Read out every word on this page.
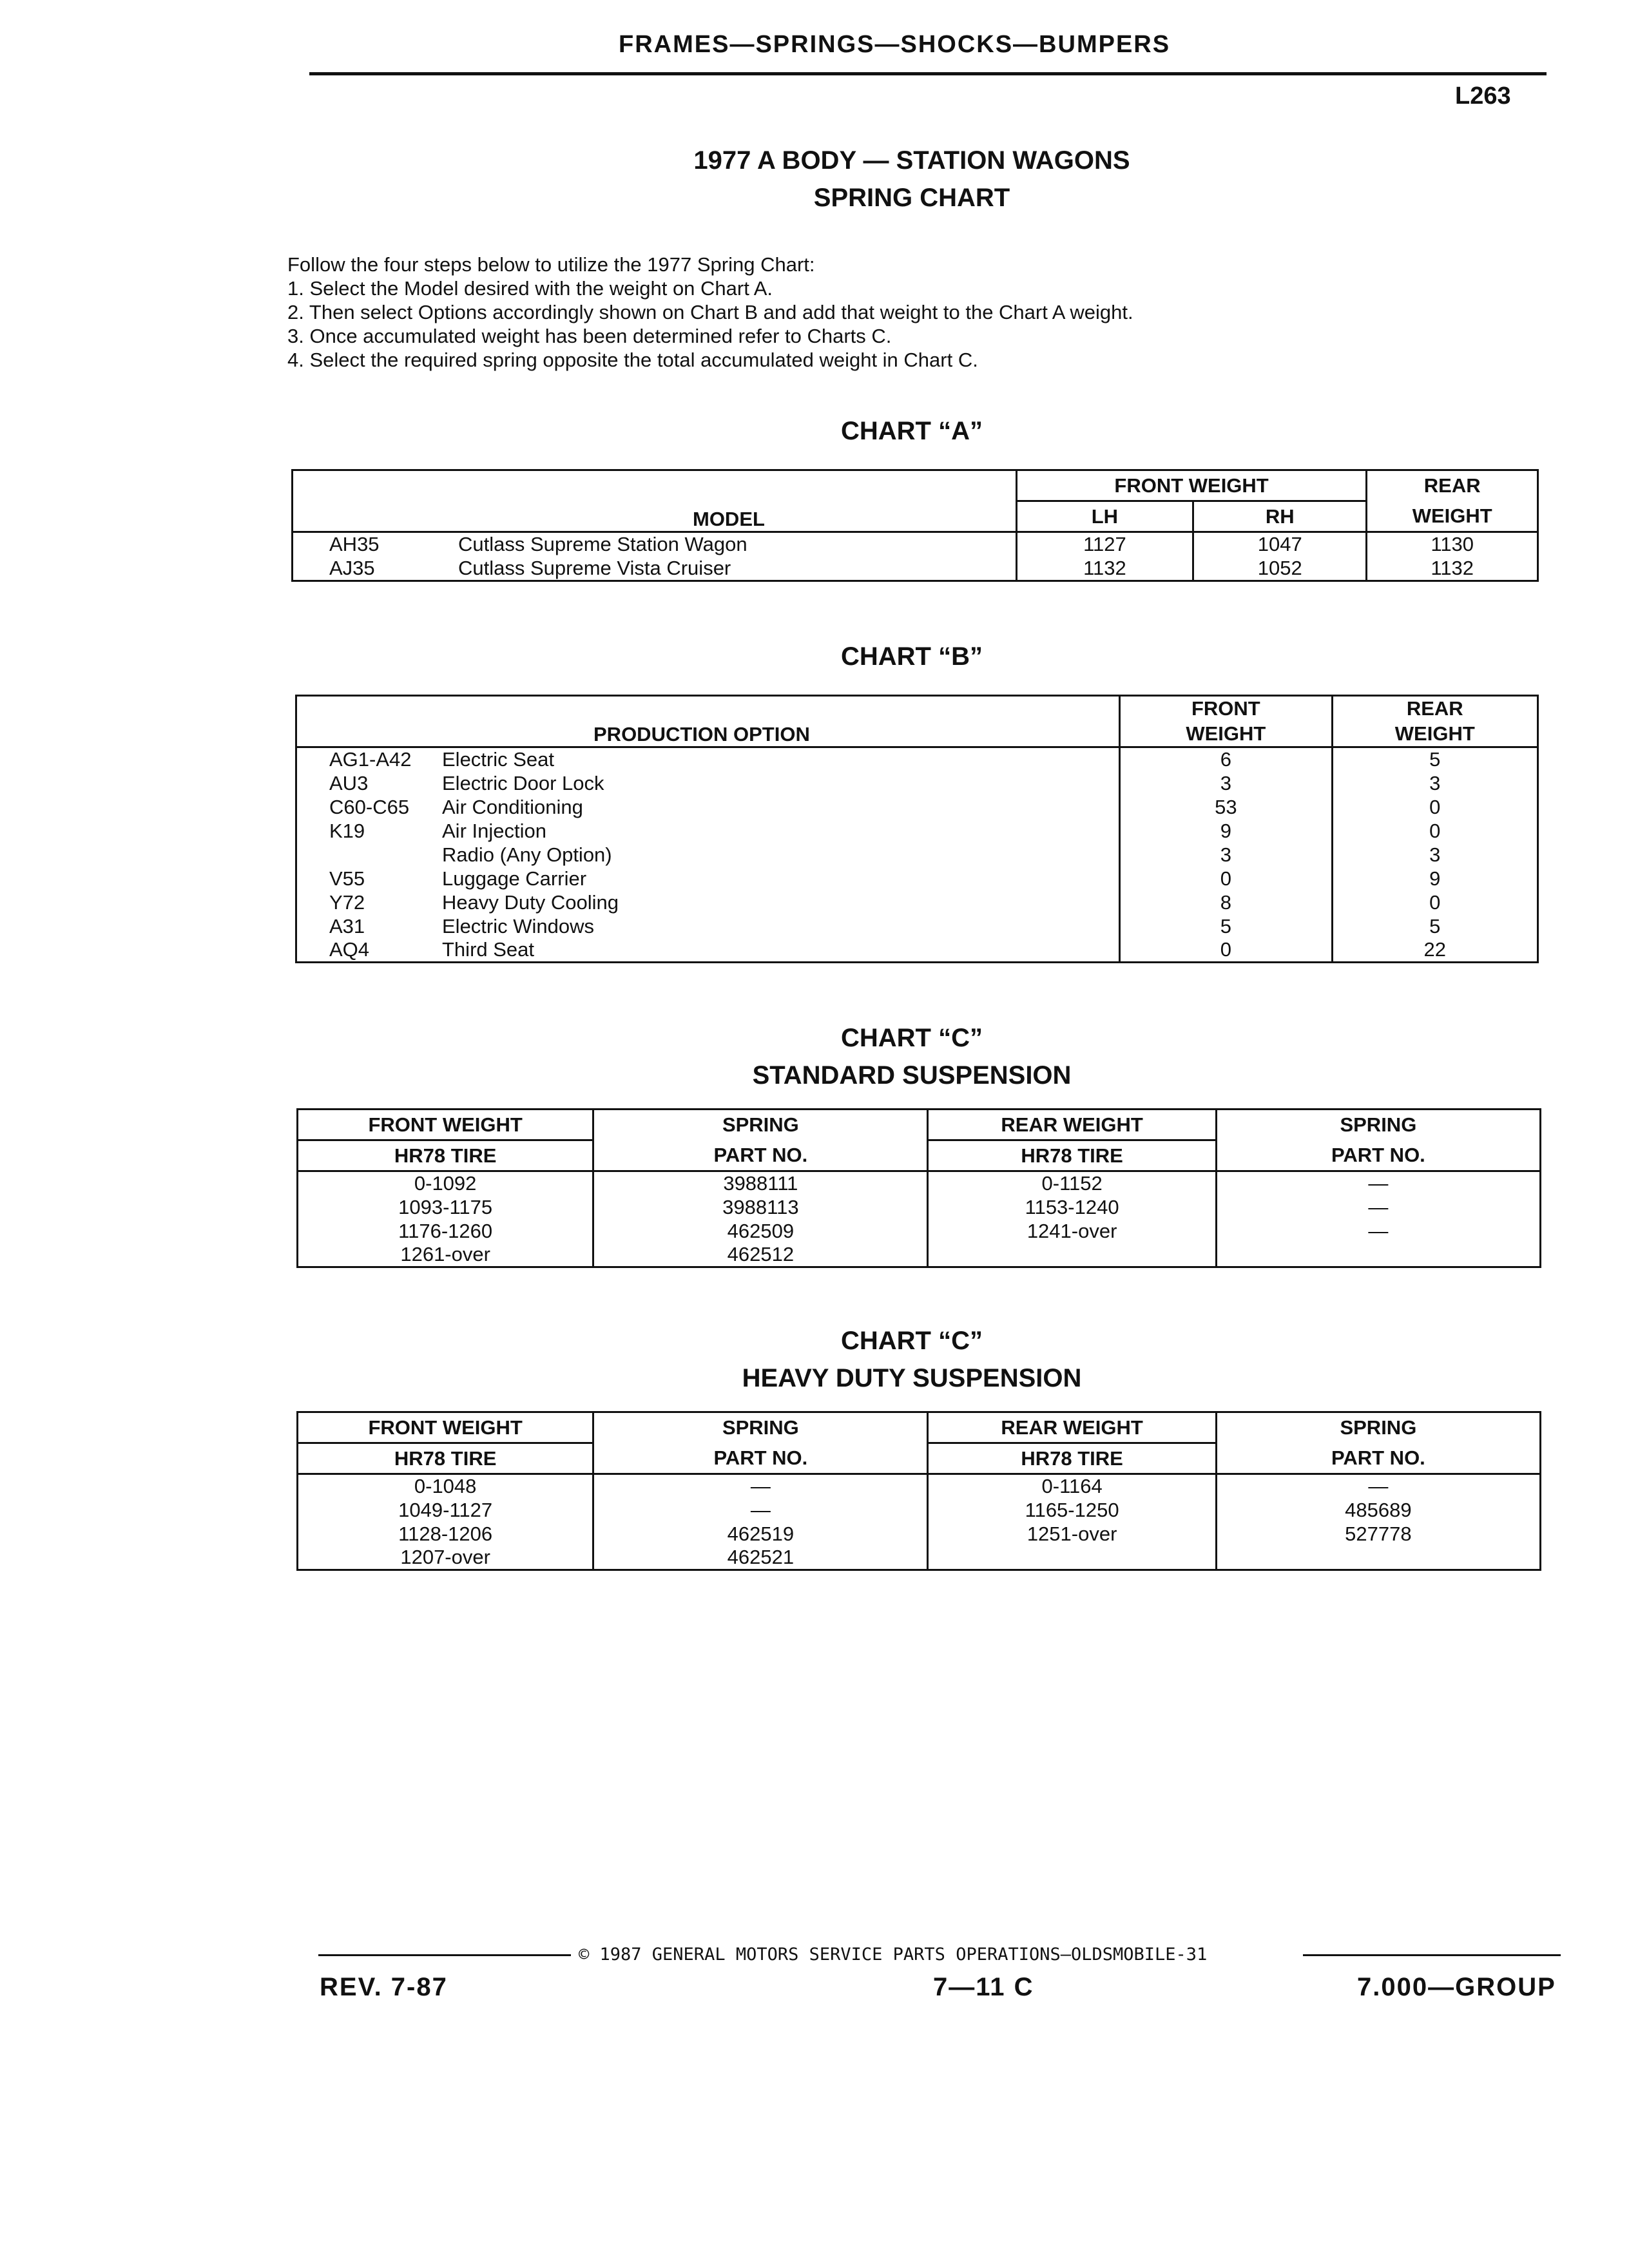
FRAMES—SPRINGS—SHOCKS—BUMPERS
L263
1977 A BODY — STATION WAGONS
SPRING CHART
Follow the four steps below to utilize the 1977 Spring Chart:
1. Select the Model desired with the weight on Chart A.
2. Then select Options accordingly shown on Chart B and add that weight to the Chart A weight.
3. Once accumulated weight has been determined refer to Charts C.
4. Select the required spring opposite the total accumulated weight in Chart C.
CHART “A”
MODEL	FRONT WEIGHT		REAR
	LH	RH	WEIGHT
AH35 Cutlass Supreme Station Wagon	1127	1047	1130
AJ35 Cutlass Supreme Vista Cruiser	1132	1052	1132
CHART “B”
PRODUCTION OPTION	FRONT	REAR
	WEIGHT	WEIGHT
AG1-A42 Electric Seat	6	5
AU3 Electric Door Lock	3	3
C60-C65 Air Conditioning	53	0
K19 Air Injection	9	0
Radio (Any Option)	3	3
V55 Luggage Carrier	0	9
Y72 Heavy Duty Cooling	8	0
A31 Electric Windows	5	5
AQ4 Third Seat	0	22
CHART “C”
STANDARD SUSPENSION
FRONT WEIGHT	SPRING	REAR WEIGHT	SPRING
HR78 TIRE	PART NO.	HR78 TIRE	PART NO.
0-1092	3988111	0-1152	—
1093-1175	3988113	1153-1240	—
1176-1260	462509	1241-over	—
1261-over	462512		
CHART “C”
HEAVY DUTY SUSPENSION
FRONT WEIGHT	SPRING	REAR WEIGHT	SPRING
HR78 TIRE	PART NO.	HR78 TIRE	PART NO.
0-1048	—	0-1164	—
1049-1127	—	1165-1250	485689
1128-1206	462519	1251-over	527778
1207-over	462521		
© 1987 GENERAL MOTORS SERVICE PARTS OPERATIONS—OLDSMOBILE-31
REV. 7-87	7—11 C	7.000—GROUP
